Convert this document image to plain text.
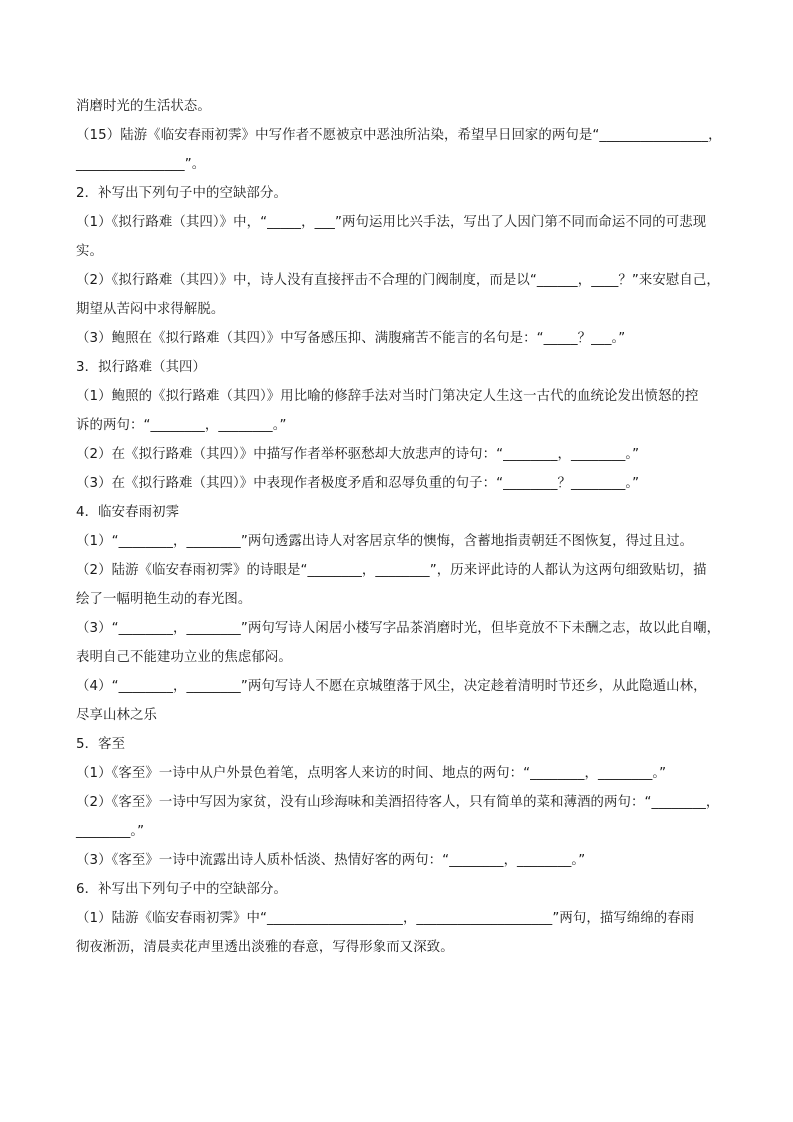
消磨时光的生活状态。
（15）陆游《临安春雨初霁》中写作者不愿被京中恶浊所沾染，希望早日回家的两句是“________________，
________________”。
2．补写出下列句子中的空缺部分。
（1）《拟行路难（其四）》中，“_____，___”两句运用比兴手法，写出了人因门第不同而命运不同的可悲现
实。
（2）《拟行路难（其四）》中，诗人没有直接抨击不合理的门阀制度，而是以“______，____？”来安慰自己，
期望从苦闷中求得解脱。
（3）鲍照在《拟行路难（其四）》中写备感压抑、满腹痛苦不能言的名句是：“_____？___。”
3．拟行路难（其四）
（1）鲍照的《拟行路难（其四）》用比喻的修辞手法对当时门第决定人生这一古代的血统论发出愤怒的控
诉的两句：“________，________。”
（2）在《拟行路难（其四）》中描写作者举杯驱愁却大放悲声的诗句：“________，________。”
（3）在《拟行路难（其四）》中表现作者极度矛盾和忍辱负重的句子：“________？________。”
4．临安春雨初霁
（1）“________，________”两句透露出诗人对客居京华的懊悔，含蓄地指责朝廷不图恢复，得过且过。
（2）陆游《临安春雨初霁》的诗眼是“________，________”，历来评此诗的人都认为这两句细致贴切，描
绘了一幅明艳生动的春光图。
（3）“________，________”两句写诗人闲居小楼写字品茶消磨时光，但毕竟放不下未酬之志，故以此自嘲，
表明自己不能建功立业的焦虑郁闷。
（4）“________，________”两句写诗人不愿在京城堕落于风尘，决定趁着清明时节还乡，从此隐遁山林，
尽享山林之乐
5．客至
（1）《客至》一诗中从户外景色着笔，点明客人来访的时间、地点的两句：“________，________。”
（2）《客至》一诗中写因为家贫，没有山珍海味和美酒招待客人，只有简单的菜和薄酒的两句：“________，
________。”
（3）《客至》一诗中流露出诗人质朴恬淡、热情好客的两句：“________，________。”
6．补写出下列句子中的空缺部分。
（1）陆游《临安春雨初霁》中“____________________，____________________”两句，描写绵绵的春雨
彻夜淅沥，清晨卖花声里透出淡雅的春意，写得形象而又深致。
